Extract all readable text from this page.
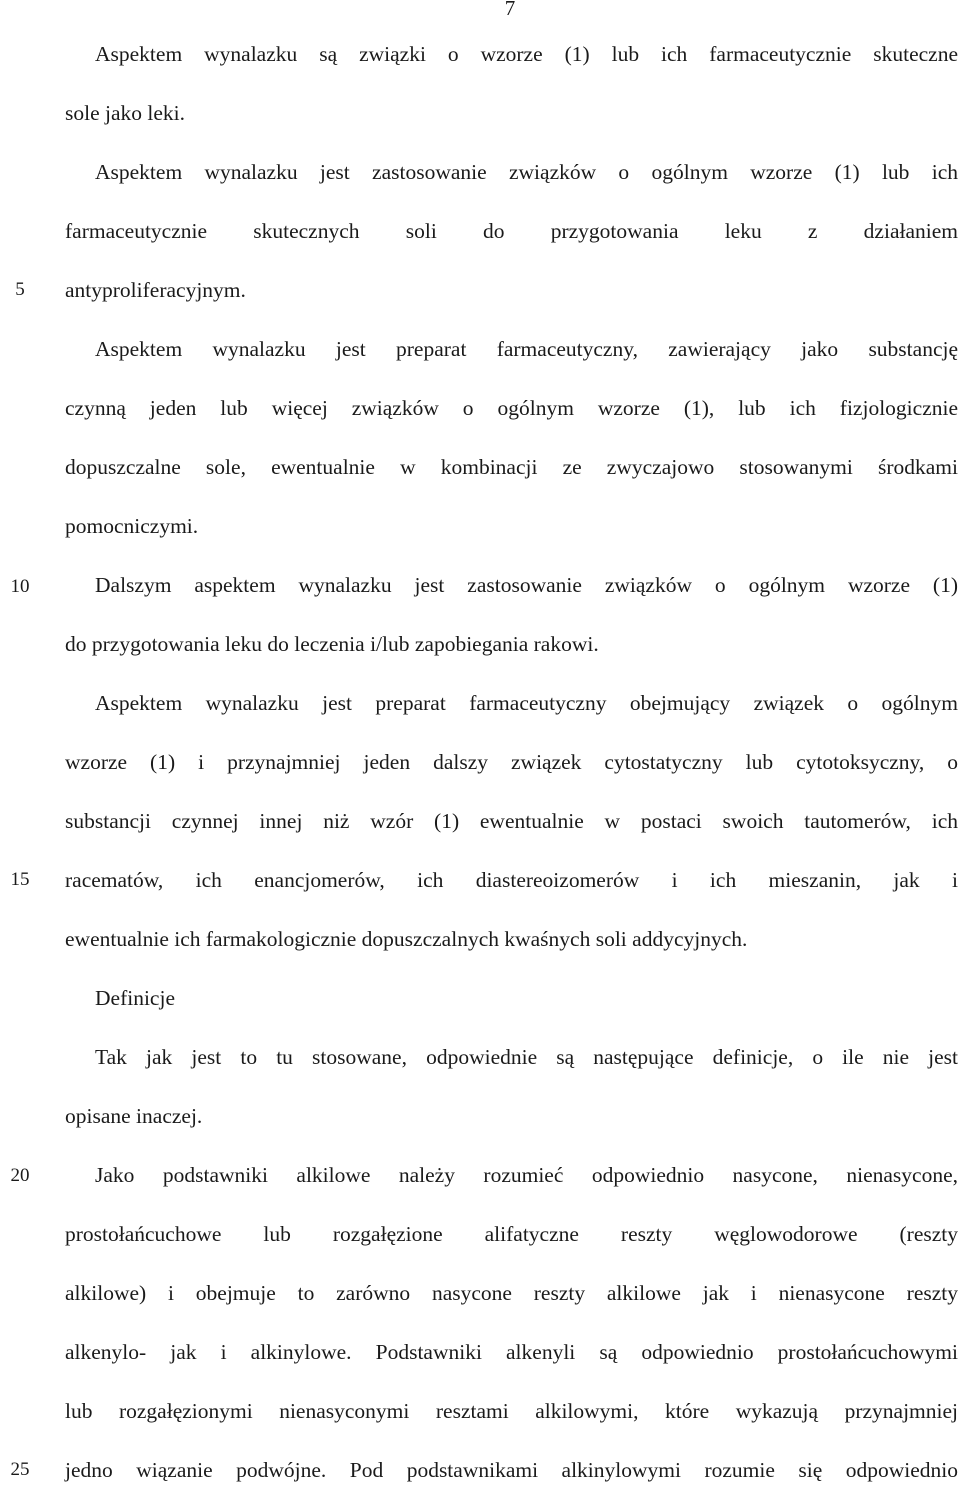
7
5
10
15
20
25
Aspektem wynalazku są związki o wzorze (1) lub ich farmaceutycznie skuteczne
sole jako leki.
Aspektem wynalazku jest zastosowanie związków o ogólnym wzorze (1) lub ich
farmaceutycznie skutecznych soli do przygotowania leku z działaniem
antyproliferacyjnym.
Aspektem wynalazku jest preparat farmaceutyczny, zawierający jako substancję
czynną jeden lub więcej związków o ogólnym wzorze (1), lub ich fizjologicznie
dopuszczalne sole, ewentualnie w kombinacji ze zwyczajowo stosowanymi środkami
pomocniczymi.
Dalszym aspektem wynalazku jest zastosowanie związków o ogólnym wzorze (1)
do przygotowania leku do leczenia i/lub zapobiegania rakowi.
Aspektem wynalazku jest preparat farmaceutyczny obejmujący związek o ogólnym
wzorze (1) i przynajmniej jeden dalszy związek cytostatyczny lub cytotoksyczny, o
substancji czynnej innej niż wzór (1) ewentualnie w postaci swoich tautomerów, ich
racematów, ich enancjomerów, ich diastereoizomerów i ich mieszanin, jak i
ewentualnie ich farmakologicznie dopuszczalnych kwaśnych soli addycyjnych.
Definicje
Tak jak jest to tu stosowane, odpowiednie są następujące definicje, o ile nie jest
opisane inaczej.
Jako podstawniki alkilowe należy rozumieć odpowiednio nasycone, nienasycone,
prostołańcuchowe lub rozgałęzione alifatyczne reszty węglowodorowe (reszty
alkilowe) i obejmuje to zarówno nasycone reszty alkilowe jak i nienasycone reszty
alkenylo- jak i alkinylowe. Podstawniki alkenyli są odpowiednio prostołańcuchowymi
lub rozgałęzionymi nienasyconymi resztami alkilowymi, które wykazują przynajmniej
jedno wiązanie podwójne. Pod podstawnikami alkinylowymi rozumie się odpowiednio
